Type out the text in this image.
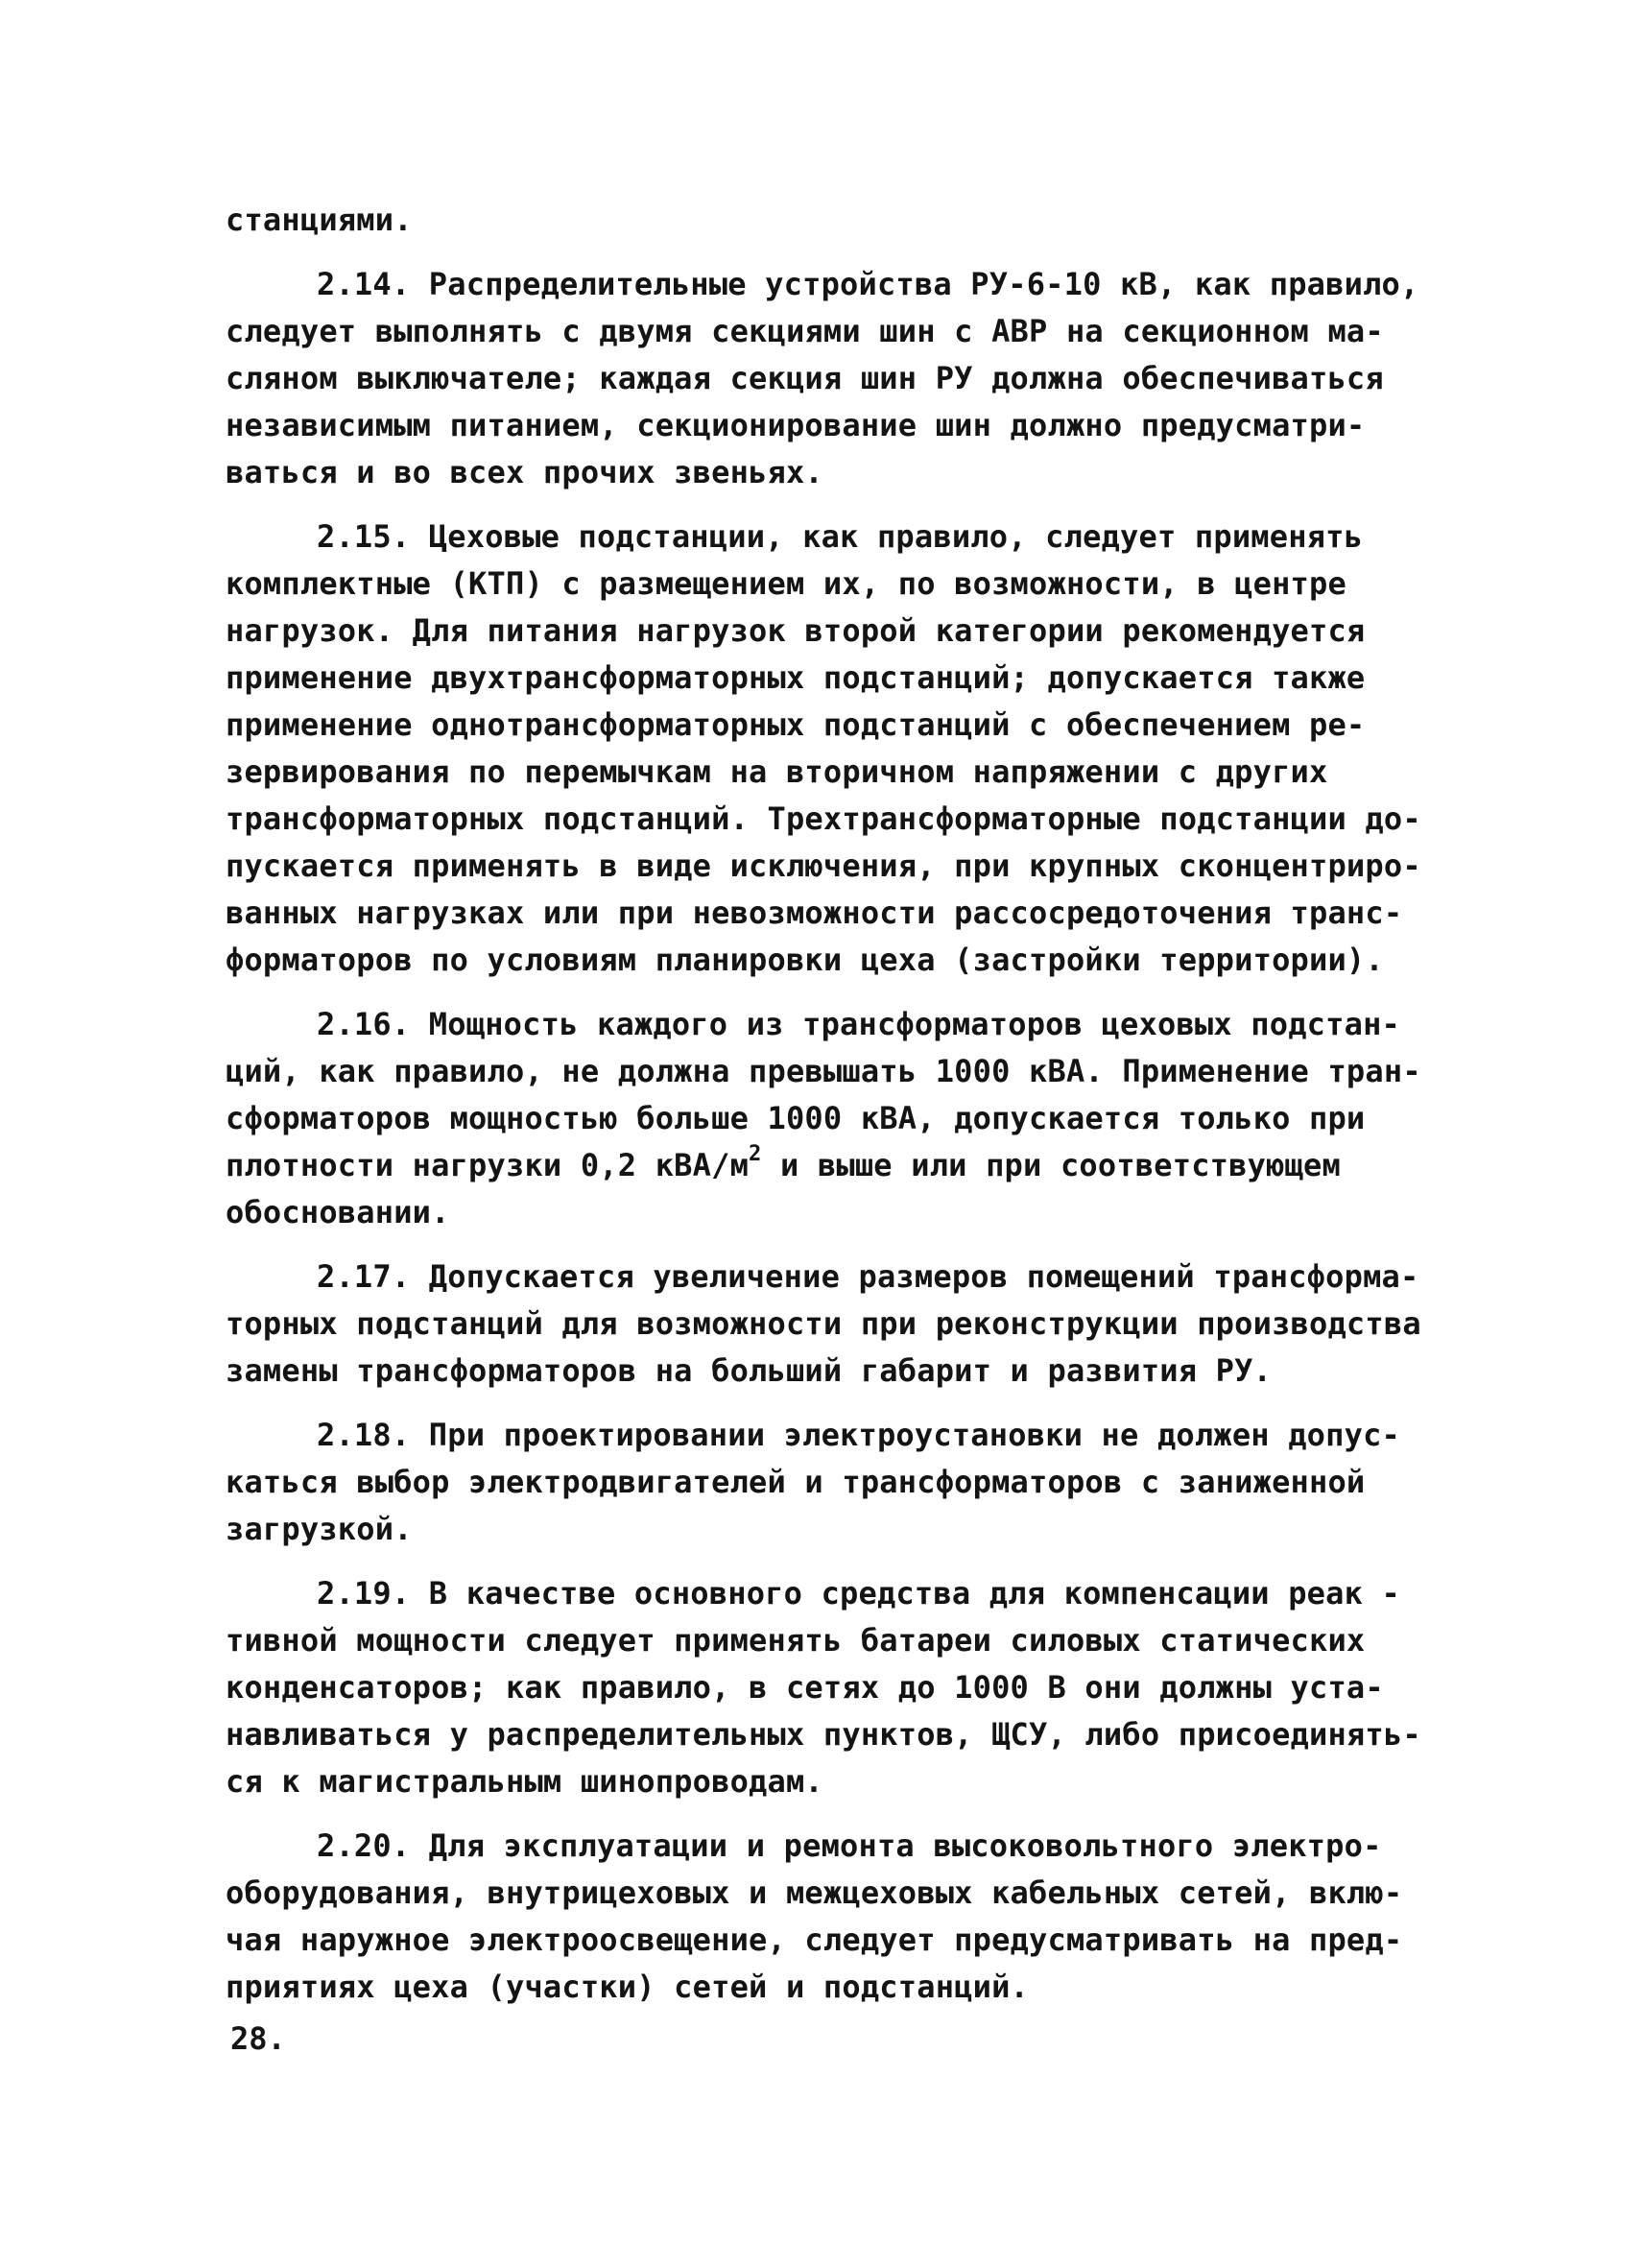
станциями.
2.14. Распределительные устройства РУ-6-10 кВ, как правило,
следует выполнять с двумя секциями шин с АВР на секционном ма-
сляном выключателе; каждая секция шин РУ должна обеспечиваться
независимым питанием, секционирование шин должно предусматри-
ваться и во всех прочих звеньях.
2.15. Цеховые подстанции, как правило, следует применять
комплектные (КТП) с размещением их, по возможности, в центре
нагрузок. Для питания нагрузок второй категории рекомендуется
применение двухтрансформаторных подстанций; допускается также
применение однотрансформаторных подстанций с обеспечением ре-
зервирования по перемычкам на вторичном напряжении с других
трансформаторных подстанций. Трехтрансформаторные подстанции до-
пускается применять в виде исключения, при крупных сконцентриро-
ванных нагрузках или при невозможности рассосредоточения транс-
форматоров по условиям планировки цеха (застройки территории).
2.16. Мощность каждого из трансформаторов цеховых подстан-
ций, как правило, не должна превышать 1000 кВА. Применение тран-
сформаторов мощностью больше 1000 кВА, допускается только при
плотности нагрузки 0,2 кВА/$м^2$ и выше или при соответствующем
обосновании.
2.17. Допускается увеличение размеров помещений трансформа-
торных подстанций для возможности при реконструкции производства
замены трансформаторов на больший габарит и развития РУ.
2.18. При проектировании электроустановки не должен допус-
каться выбор электродвигателей и трансформаторов с заниженной
загрузкой.
2.19. В качестве основного средства для компенсации реак -
тивной мощности следует применять батареи силовых статических
конденсаторов; как правило, в сетях до 1000 В они должны уста-
навливаться у распределительных пунктов, ЩСУ, либо присоединять-
ся к магистральным шинопроводам.
2.20. Для эксплуатации и ремонта высоковольтного электро-
оборудования, внутрицеховых и межцеховых кабельных сетей, вклю-
чая наружное электроосвещение, следует предусматривать на пред-
приятиях цеха (участки) сетей и подстанций.
28.
